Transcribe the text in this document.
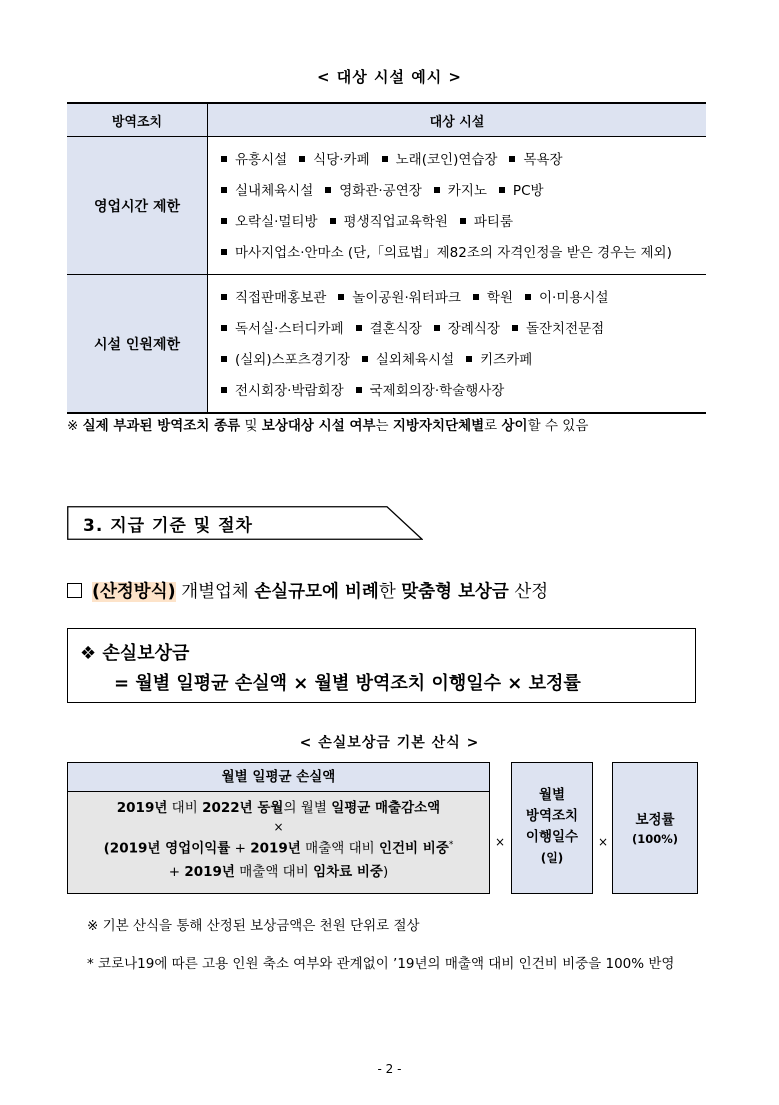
< 대상 시설 예시 >
방역조치	대상 시설
영업시간 제한	유흥시설 식당·카페 노래(코인)연습장 목욕장
실내체육시설 영화관·공연장 카지노 PC방
오락실·멀티방 평생직업교육학원 파티룸
마사지업소·안마소 (단,「의료법」제82조의 자격인정을 받은 경우는 제외)

시설 인원제한	직접판매홍보관 놀이공원·워터파크 학원 이·미용시설
독서실·스터디카페 결혼식장 장례식장 돌잔치전문점
(실외)스포츠경기장 실외체육시설 키즈카페
전시회장·박람회장 국제회의장·학술행사장
※ 실제 부과된 방역조치 종류 및 보상대상 시설 여부는 지방자치단체별로 상이할 수 있음
3. 지급 기준 및 절차
(산정방식) 개별업체 손실규모에 비례한 맞춤형 보상금 산정
❖ 손실보상금
= 월별 일평균 손실액 × 월별 방역조치 이행일수 × 보정률
< 손실보상금 기본 산식 >
월별 일평균 손실액
2019년 대비 2022년 동월의 월별 일평균 매출감소액
×
(2019년 영업이익률 + 2019년 매출액 대비 인건비 비중*
+ 2019년 매출액 대비 임차료 비중)
×
월별
방역조치
이행일수
(일)
×
보정률
(100%)
※ 기본 산식을 통해 산정된 보상금액은 천원 단위로 절상
* 코로나19에 따른 고용 인원 축소 여부와 관계없이 ’19년의 매출액 대비 인건비 비중을 100% 반영
- 2 -
